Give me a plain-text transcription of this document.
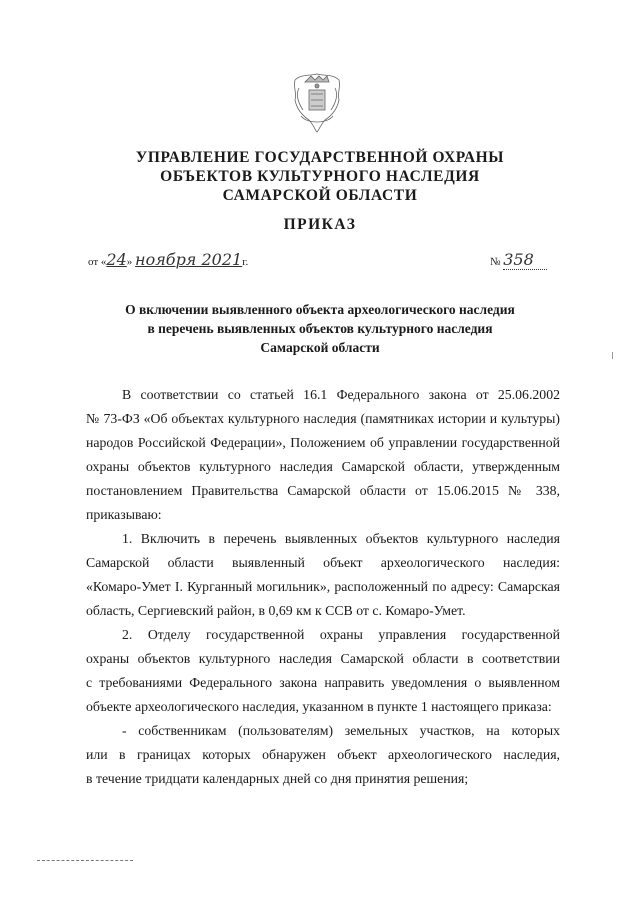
УПРАВЛЕНИЕ ГОСУДАРСТВЕННОЙ ОХРАНЫ
ОБЪЕКТОВ КУЛЬТУРНОГО НАСЛЕДИЯ
САМАРСКОЙ ОБЛАСТИ
ПРИКАЗ
от «24» ноября 2021г.	№ 358
О включении выявленного объекта археологического наследия
в перечень выявленных объектов культурного наследия
Самарской области
В соответствии со статьей 16.1 Федерального закона от 25.06.2002
№ 73-ФЗ «Об объектах культурного наследия (памятниках истории и культуры)
народов Российской Федерации», Положением об управлении государственной
охраны объектов культурного наследия Самарской области, утвержденным
постановлением Правительства Самарской области от 15.06.2015 № 338,
приказываю:
1. Включить в перечень выявленных объектов культурного наследия
Самарской области выявленный объект археологического наследия:
«Комаро-Умет I. Курганный могильник», расположенный по адресу: Самарская
область, Сергиевский район, в 0,69 км к ССВ от с. Комаро-Умет.
2. Отделу государственной охраны управления государственной
охраны объектов культурного наследия Самарской области в соответствии
с требованиями Федерального закона направить уведомления о выявленном
объекте археологического наследия, указанном в пункте 1 настоящего приказа:
- собственникам (пользователям) земельных участков, на которых
или в границах которых обнаружен объект археологического наследия,
в течение тридцати календарных дней со дня принятия решения;
